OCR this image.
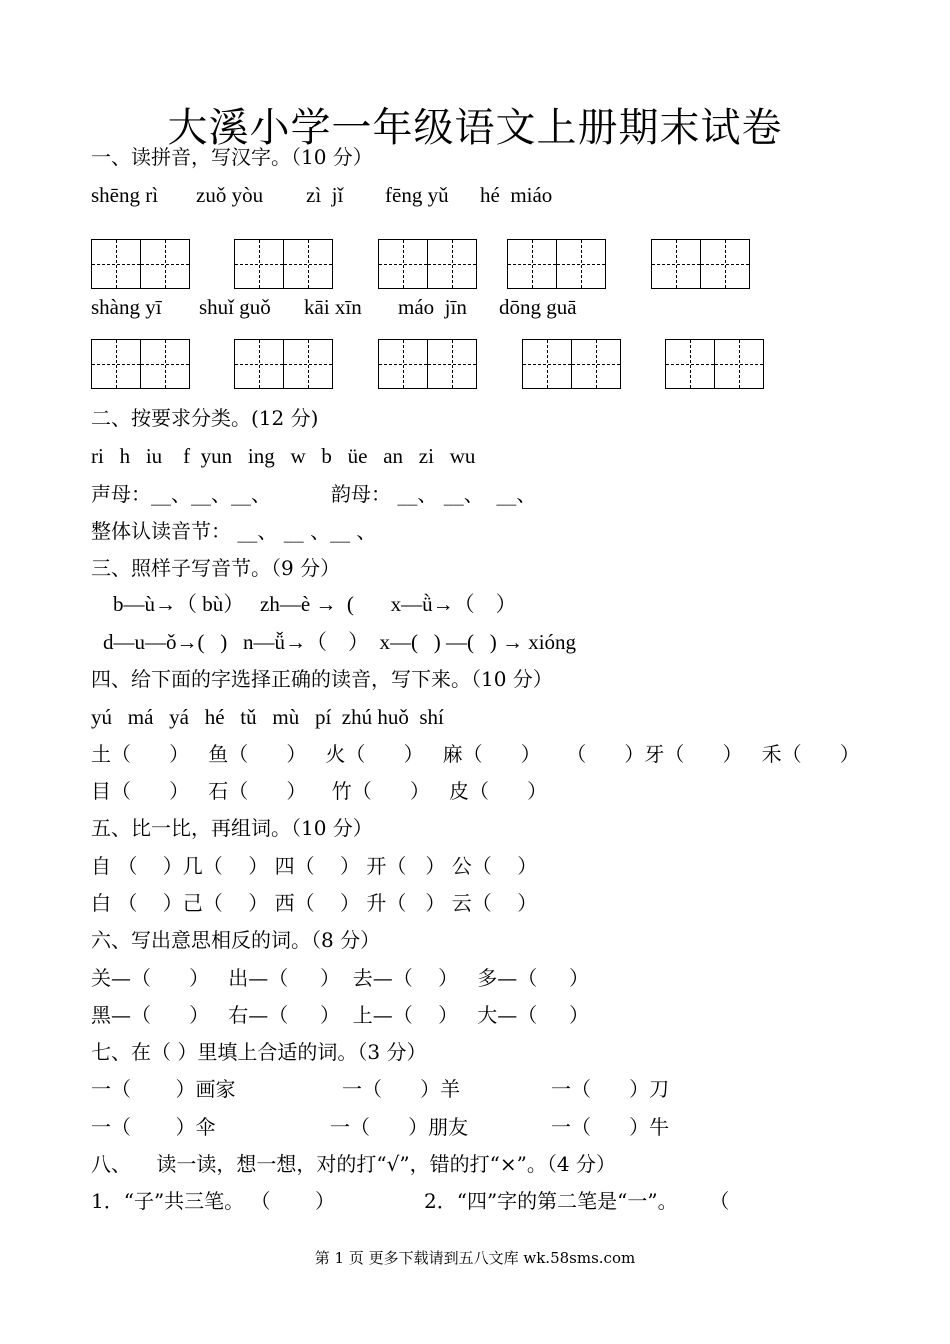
大溪小学一年级语文上册期末试卷
一、读拼音，写汉字。（10 分）

shēng rì

zuǒ yòu

zì  jǐ

fēng yǔ

hé  miáo

shàng yī

shuǐ guǒ

kāi xīn

máo  jīn

dōng guā

二、按要求分类。(12 分)
ri   h   iu    f  yun   ing   w   b   üe   an   zi   wu
声母：__、__、__、	韵母： __、 __、  __、
整体认读音节： __、 __ 、__ 、
三、照样子写音节。（9 分）
b—ù→（ bù）   zh—è →  (       x—ǜ→（    ）
d—u—ǒ→(   )   n—ǚ→（    ）  x—(   ) —(   ) → xióng
四、给下面的字选择正确的读音，写下来。（10 分）
yú   má   yá   hé   tǔ   mù   pí  zhú huǒ  shí
土（      ）   鱼（      ）   火（      ）   麻（      ）    （      ）牙（      ）   禾（      ）
目（      ）   石（      ）    竹（      ）   皮（      ）
五、比一比，再组词。（10 分）
自 （    ）几（    ） 四（    ） 开（   ） 公（    ）
白 （    ）己（    ） 西（    ） 升（   ） 云（    ）
六、写出意思相反的词。（8 分）
关—（      ）   出—（     ）  去—（    ）   多—（     ）
黑—（      ）   右—（     ）  上—（    ）   大—（     ）
七、在（ ）里填上合适的词。（3 分）
一（       ）画家	一（      ）羊	一（      ）刀
一（       ）伞	一（      ）朋友	一（      ）牛
八、    读一读，想一想，对的打“√”，错的打“×”。（4 分）
1．“子”共三笔。 （       ）	2．“四”字的第二笔是“一”。     （
第 1 页 更多下载请到五八文库 wk.58sms.com
